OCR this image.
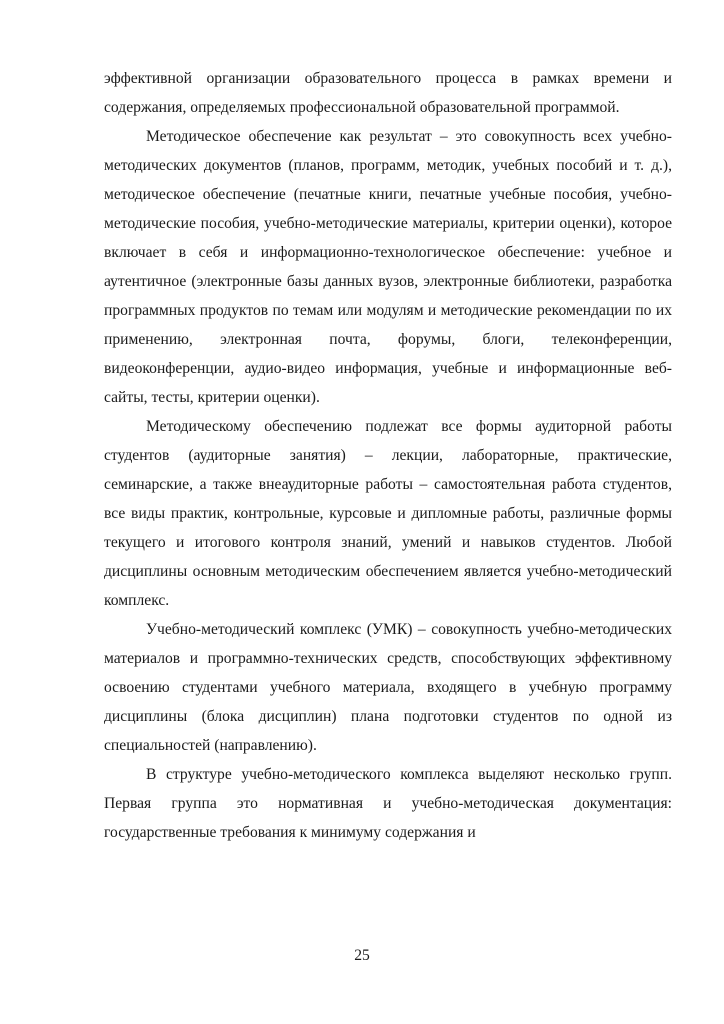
эффективной организации образовательного процесса в рамках времени и содержания, определяемых профессиональной образовательной программой.

Методическое обеспечение как результат – это совокупность всех учебно-методических документов (планов, программ, методик, учебных пособий и т. д.), методическое обеспечение (печатные книги, печатные учебные пособия, учебно-методические пособия, учебно-методические материалы, критерии оценки), которое включает в себя и информационно-технологическое обеспечение: учебное и аутентичное (электронные базы данных вузов, электронные библиотеки, разработка программных продуктов по темам или модулям и методические рекомендации по их применению, электронная почта, форумы, блоги, телеконференции, видеоконференции, аудио-видео информация, учебные и информационные веб-сайты, тесты, критерии оценки).

Методическому обеспечению подлежат все формы аудиторной работы студентов (аудиторные занятия) – лекции, лабораторные, практические, семинарские, а также внеаудиторные работы – самостоятельная работа студентов, все виды практик, контрольные, курсовые и дипломные работы, различные формы текущего и итогового контроля знаний, умений и навыков студентов. Любой дисциплины основным методическим обеспечением является учебно-методический комплекс.

Учебно-методический комплекс (УМК) – совокупность учебно-методических материалов и программно-технических средств, способствующих эффективному освоению студентами учебного материала, входящего в учебную программу дисциплины (блока дисциплин) плана подготовки студентов по одной из специальностей (направлению).

В структуре учебно-методического комплекса выделяют несколько групп. Первая группа это нормативная и учебно-методическая документация: государственные требования к минимуму содержания и

25
